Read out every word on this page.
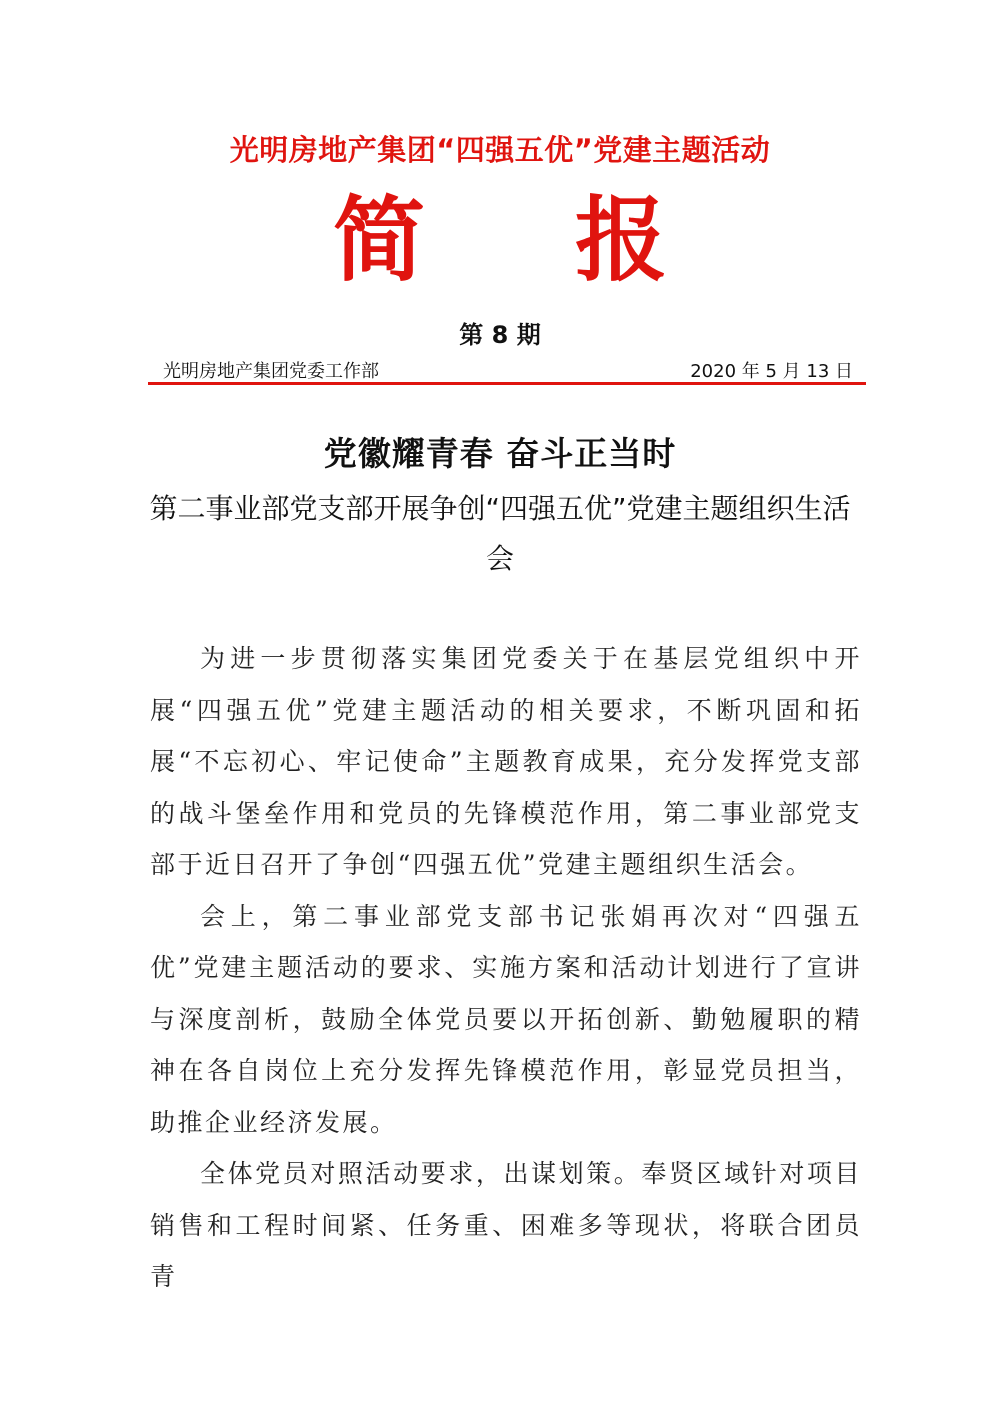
光明房地产集团“四强五优”党建主题活动
简 报
第 8 期
光明房地产集团党委工作部	2020 年 5 月 13 日
党徽耀青春 奋斗正当时
第二事业部党支部开展争创“四强五优”党建主题组织生活会

为进一步贯彻落实集团党委关于在基层党组织中开展“四强五优”党建主题活动的相关要求，不断巩固和拓展“不忘初心、牢记使命”主题教育成果，充分发挥党支部的战斗堡垒作用和党员的先锋模范作用，第二事业部党支部于近日召开了争创“四强五优”党建主题组织生活会。

会上，第二事业部党支部书记张娟再次对“四强五优”党建主题活动的要求、实施方案和活动计划进行了宣讲与深度剖析，鼓励全体党员要以开拓创新、勤勉履职的精神在各自岗位上充分发挥先锋模范作用，彰显党员担当，助推企业经济发展。

全体党员对照活动要求，出谋划策。奉贤区域针对项目销售和工程时间紧、任务重、困难多等现状，将联合团员青
